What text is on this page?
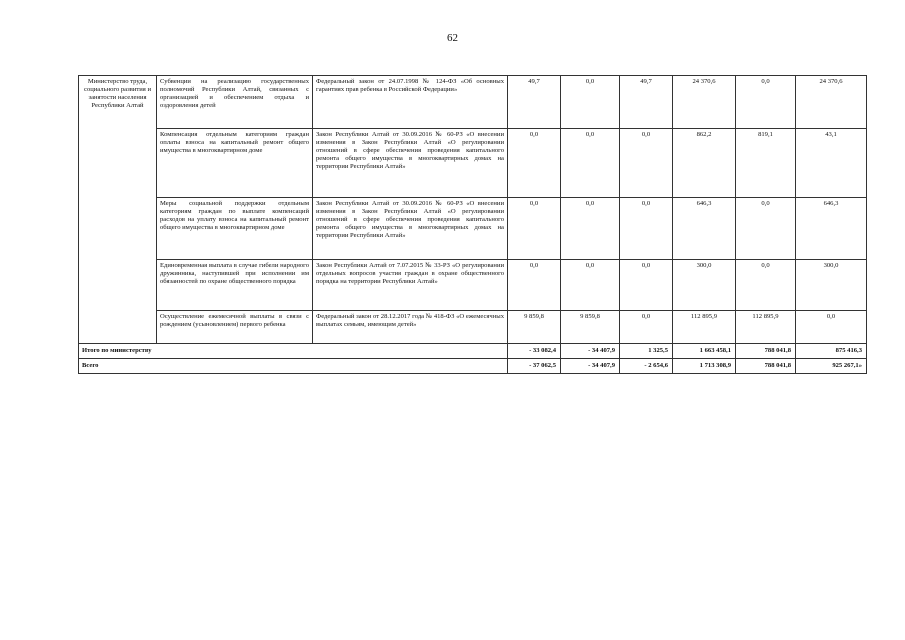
62
Министерство труда, социального развития и занятости населения Республики Алтай	Субвенции на реализацию государственных полномочий Республики Алтай, связанных с организацией и обеспечением отдыха и оздоровления детей	Федеральный закон от 24.07.1998 № 124-ФЗ «Об основных гарантиях прав ребенка в Российской Федерации»	49,7	0,0	49,7	24 370,6	0,0	24 370,6
	Компенсация отдельным категориям граждан оплаты взноса на капитальный ремонт общего имущества в многоквартирном доме	Закон Республики Алтай от 30.09.2016 № 60-РЗ «О внесении изменения в Закон Республики Алтай «О регулировании отношений в сфере обеспечения проведения капитального ремонта общего имущества в многоквартирных домах на территории Республики Алтай»	0,0	0,0	0,0	862,2	819,1	43,1
	Меры социальной поддержки отдельным категориям граждан по выплате компенсаций расходов на уплату взноса на капитальный ремонт общего имущества в многоквартирном доме	Закон Республики Алтай от 30.09.2016 № 60-РЗ «О внесении изменения в Закон Республики Алтай «О регулировании отношений в сфере обеспечения проведения капитального ремонта общего имущества в многоквартирных домах на территории Республики Алтай»	0,0	0,0	0,0	646,3	0,0	646,3
	Единовременная выплата в случае гибели народного дружинника, наступившей при исполнении им обязанностей по охране общественного порядка	Закон Республики Алтай от 7.07.2015 № 33-РЗ «О регулировании отдельных вопросов участия граждан в охране общественного порядка на территории Республики Алтай»	0,0	0,0	0,0	300,0	0,0	300,0
	Осуществление ежемесячной выплаты в связи с рождением (усыновлением) первого ребенка	Федеральный закон от 28.12.2017 года № 418-ФЗ «О ежемесячных выплатах семьям, имеющим детей»	9 859,8	9 859,8	0,0	112 895,9	112 895,9	0,0
Итого по министерству			- 33 082,4	- 34 407,9	1 325,5	1 663 458,1	788 041,8	875 416,3
Всего			- 37 062,5	- 34 407,9	- 2 654,6	1 713 308,9	788 041,8	925 267,1»
